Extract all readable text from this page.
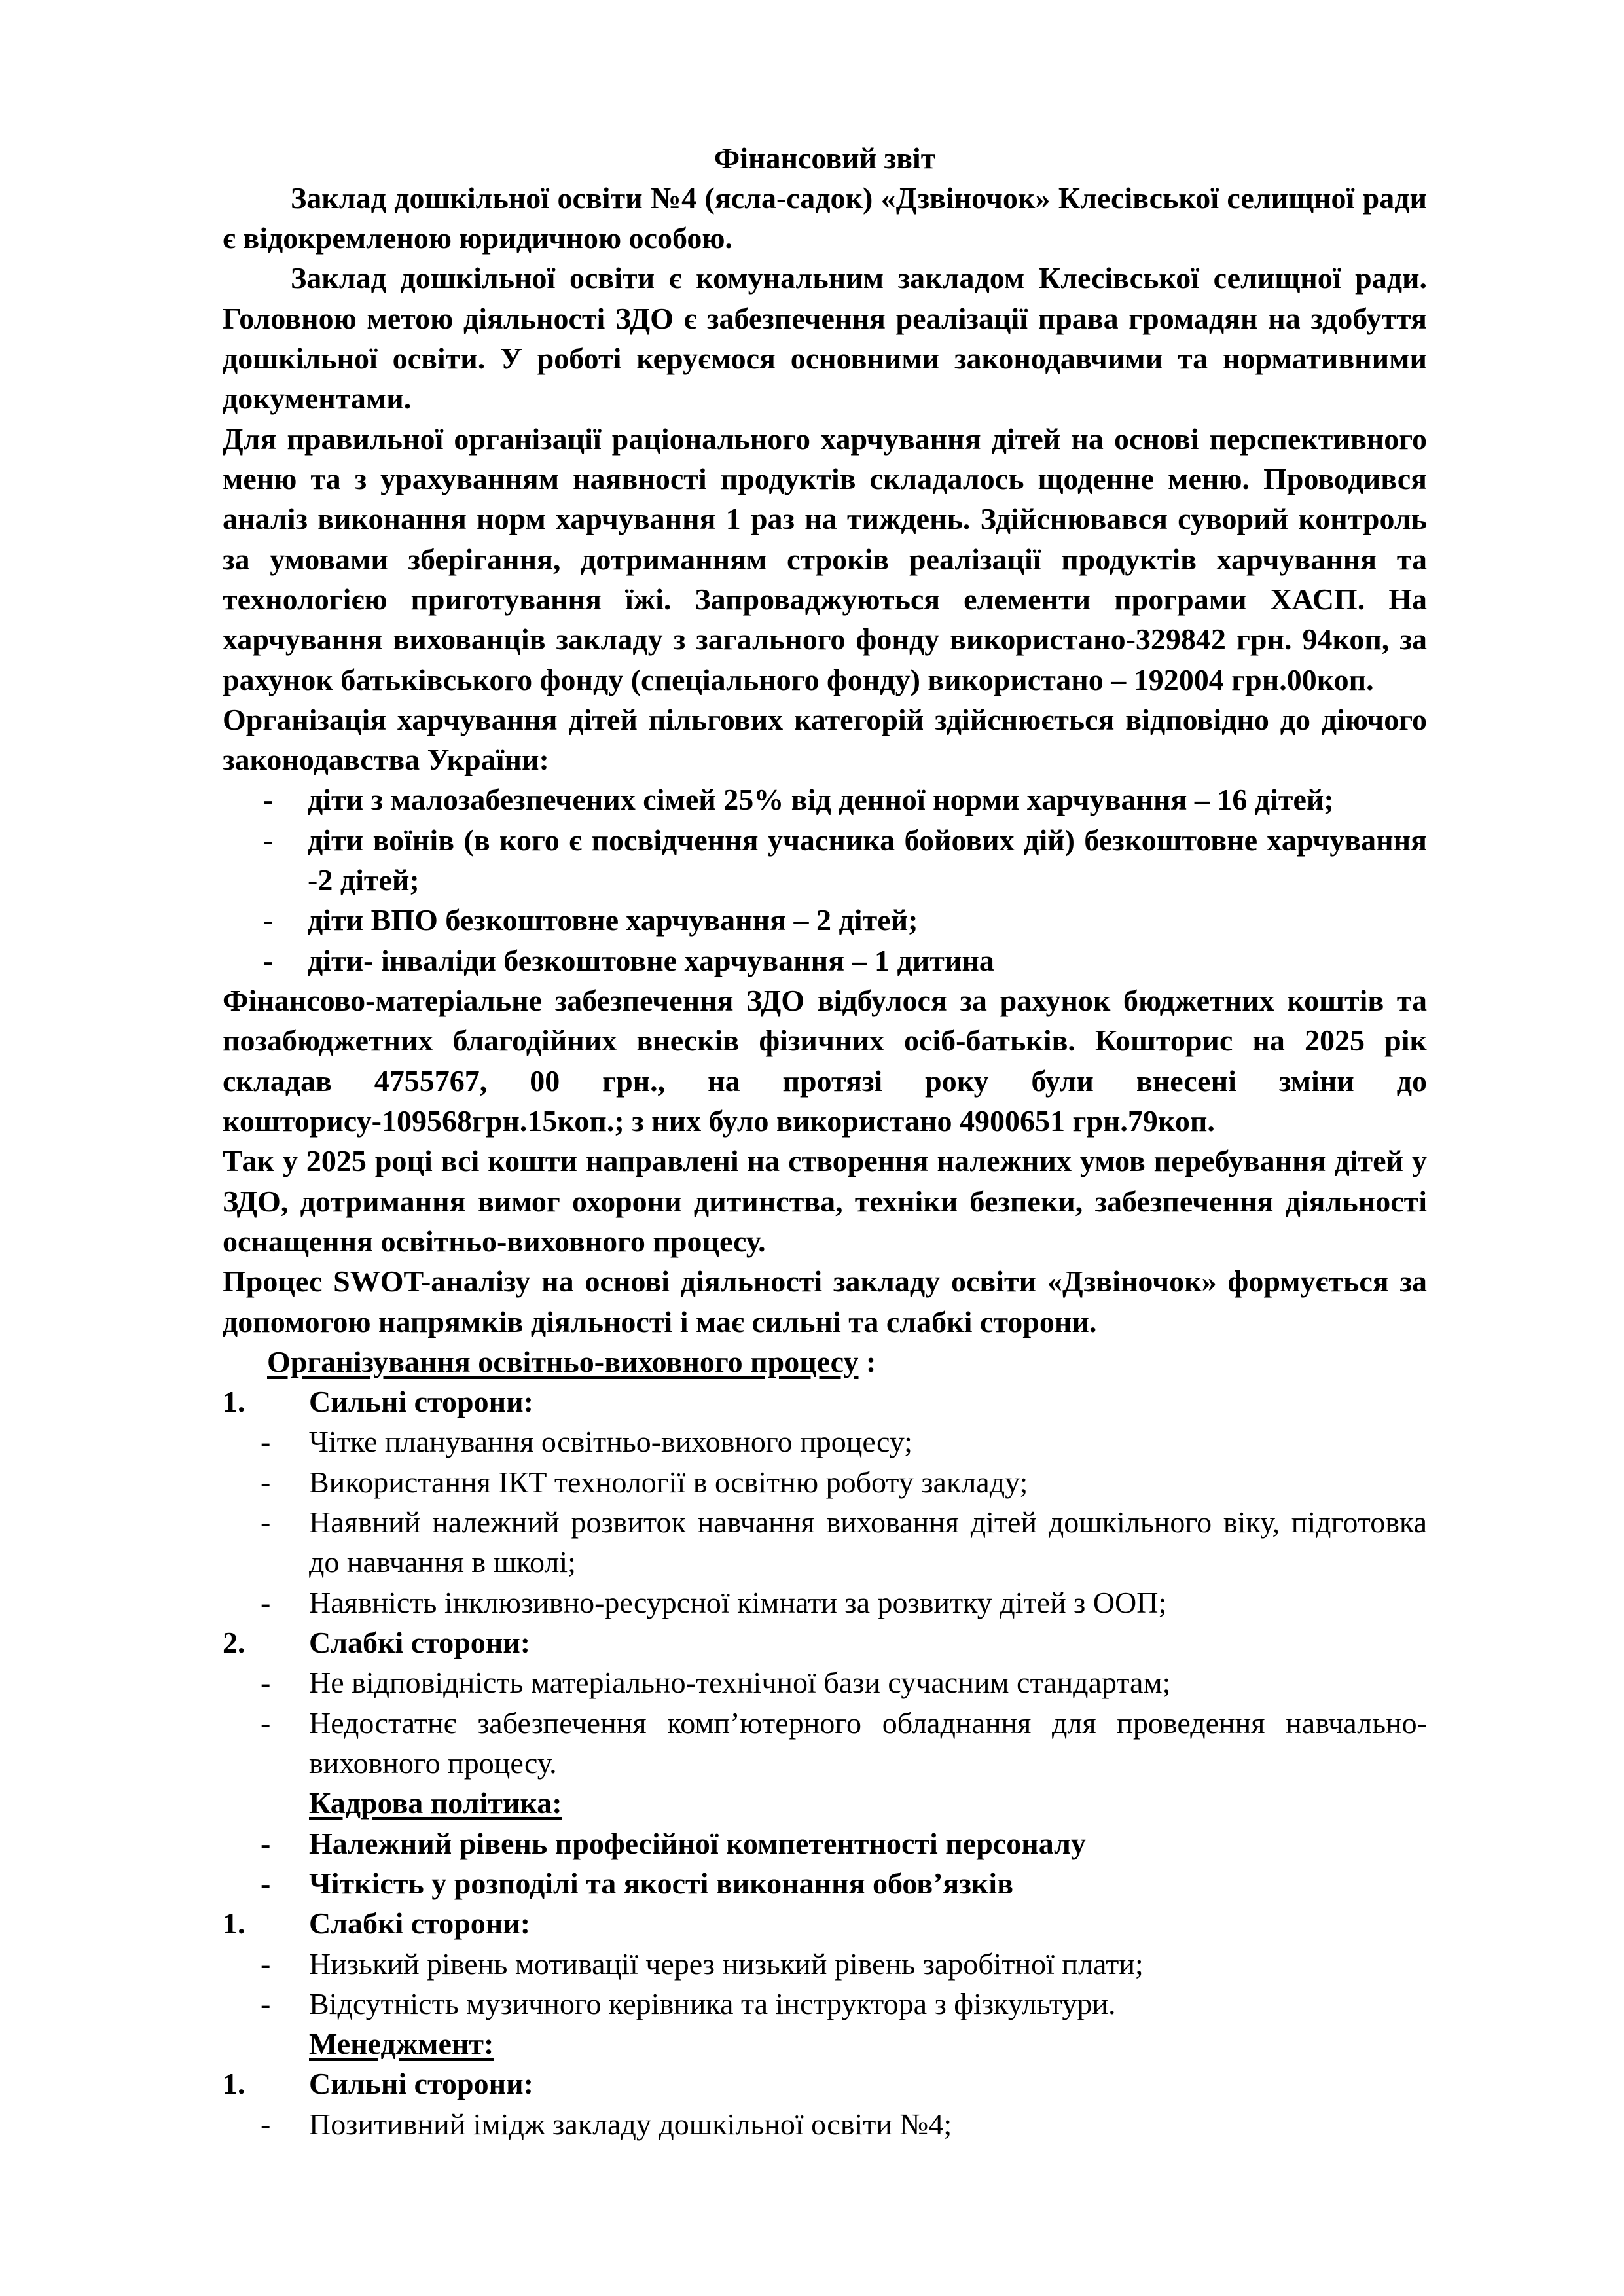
Фінансовий звіт

Заклад дошкільної освіти №4 (ясла-садок) «Дзвіночок» Клесівської селищної ради є відокремленою юридичною особою.

Заклад дошкільної освіти є комунальним закладом Клесівської селищної ради. Головною метою діяльності ЗДО є забезпечення реалізації права громадян на здобуття дошкільної освіти. У роботі керуємося основними законодавчими та нормативними документами.

Для правильної організації раціонального харчування дітей на основі перспективного меню та з урахуванням наявності продуктів складалось щоденне меню. Проводився аналіз виконання норм харчування 1 раз на тиждень. Здійснювався суворий контроль за умовами зберігання, дотриманням строків реалізації продуктів харчування та технологією приготування їжі. Запроваджуються елементи програми ХАСП. На харчування вихованців закладу з загального фонду використано-329842 грн. 94коп, за рахунок батьківського фонду (спеціального фонду) використано – 192004 грн.00коп.

Організація харчування дітей пільгових категорій здійснюється відповідно до діючого законодавства України:

-	діти з малозабезпечених сімей 25% від денної норми харчування – 16 дітей;

-	діти воїнів (в кого є посвідчення учасника бойових дій) безкоштовне харчування -2 дітей;

-	діти ВПО безкоштовне харчування – 2 дітей;

-	діти- інваліди безкоштовне харчування – 1 дитина

Фінансово-матеріальне забезпечення ЗДО відбулося за рахунок бюджетних коштів та позабюджетних благодійних внесків фізичних осіб-батьків. Кошторис на 2025 рік складав 4755767, 00 грн., на протязі року були внесені зміни до кошторису-109568грн.15коп.; з них було використано 4900651 грн.79коп.

Так у 2025 році всі кошти направлені на створення належних умов перебування дітей у ЗДО, дотримання вимог охорони дитинства, техніки безпеки, забезпечення діяльності оснащення освітньо-виховного процесу.

Процес SWOT-аналізу на основі діяльності закладу освіти «Дзвіночок» формується за допомогою напрямків діяльності і має сильні та слабкі сторони.

Організування освітньо-виховного процесу :

1. Сильні сторони:

-	Чітке планування освітньо-виховного процесу;

-	Використання ІКТ технології в освітню роботу закладу;

-	Наявний належний розвиток навчання виховання дітей дошкільного віку, підготовка до навчання в школі;

-	Наявність інклюзивно-ресурсної кімнати за розвитку дітей з ООП;

2. Слабкі сторони:

-	Не відповідність матеріально-технічної бази сучасним стандартам;

-	Недостатнє забезпечення комп’ютерного обладнання для проведення навчально-виховного процесу.

Кадрова політика:

-	Належний рівень професійної компетентності персоналу

-	Чіткість у розподілі та якості виконання обов’язків

1. Слабкі сторони:

-	Низький рівень мотивації через низький рівень заробітної плати;

-	Відсутність музичного керівника та інструктора з фізкультури.

Менеджмент:

1. Сильні сторони:

-	Позитивний імідж закладу дошкільної освіти №4;
